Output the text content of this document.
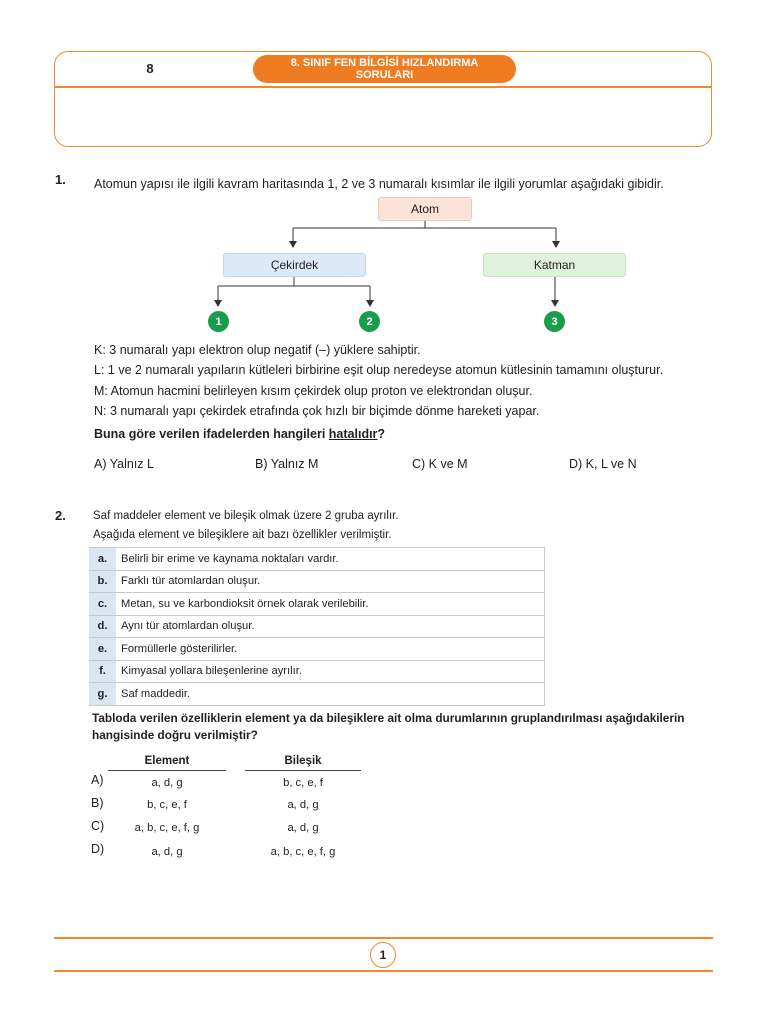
8	8. SINIF FEN BİLGİSİ HIZLANDIRMA
SORULARI
1. Atomun yapısı ile ilgili kavram haritasında 1, 2 ve 3 numaralı kısımlar ile ilgili yorumlar aşağıdaki gibidir.
Atom
Çekirdek	Katman
1	2	3
K: 3 numaralı yapı elektron olup negatif (–) yüklere sahiptir.
L: 1 ve 2 numaralı yapıların kütleleri birbirine eşit olup neredeyse atomun kütlesinin tamamını oluşturur.
M: Atomun hacmini belirleyen kısım çekirdek olup proton ve elektrondan oluşur.
N: 3 numaralı yapı çekirdek etrafında çok hızlı bir biçimde dönme hareketi yapar.
Buna göre verilen ifadelerden hangileri hatalıdır?
A) Yalnız L	B) Yalnız M	C) K ve M	D) K, L ve N
2. Saf maddeler element ve bileşik olmak üzere 2 gruba ayrılır.
Aşağıda element ve bileşiklere ait bazı özellikler verilmiştir.
a.	Belirli bir erime ve kaynama noktaları vardır.
b.	Farklı tür atomlardan oluşur.
c.	Metan, su ve karbondioksit örnek olarak verilebilir.
d.	Aynı tür atomlardan oluşur.
e.	Formüllerle gösterilirler.
f.	Kimyasal yollara bileşenlerine ayrılır.
g.	Saf maddedir.
Tabloda verilen özelliklerin element ya da bileşiklere ait olma durumlarının gruplandırılması aşağıdakilerin
hangisinde doğru verilmiştir?
Element	Bileşik
A)	a, d, g	b, c, e, f
B)	b, c, e, f	a, d, g
C)	a, b, c, e, f, g	a, d, g
D)	a, d, g	a, b, c, e, f, g
1
